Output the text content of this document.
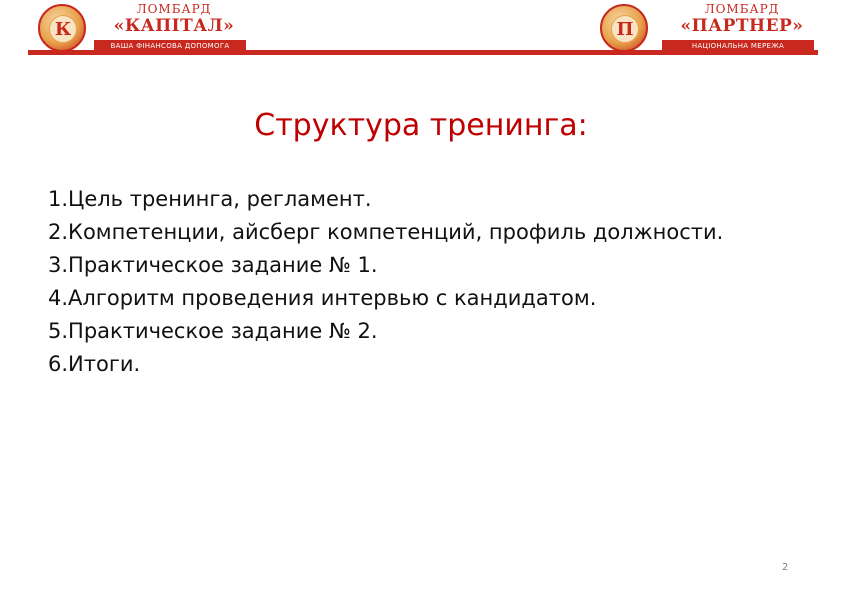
К
ЛОМБАРД
«КАПІТАЛ»
ВАША ФІНАНСОВА ДОПОМОГА
П
ЛОМБАРД
«ПАРТНЕР»
НАЦІОНАЛЬНА МЕРЕЖА
Структура тренинга:
1.Цель тренинга, регламент.
2.Компетенции, айсберг компетенций, профиль должности.
3.Практическое задание № 1.
4.Алгоритм проведения интервью с кандидатом.
5.Практическое задание № 2.
6.Итоги.
2
